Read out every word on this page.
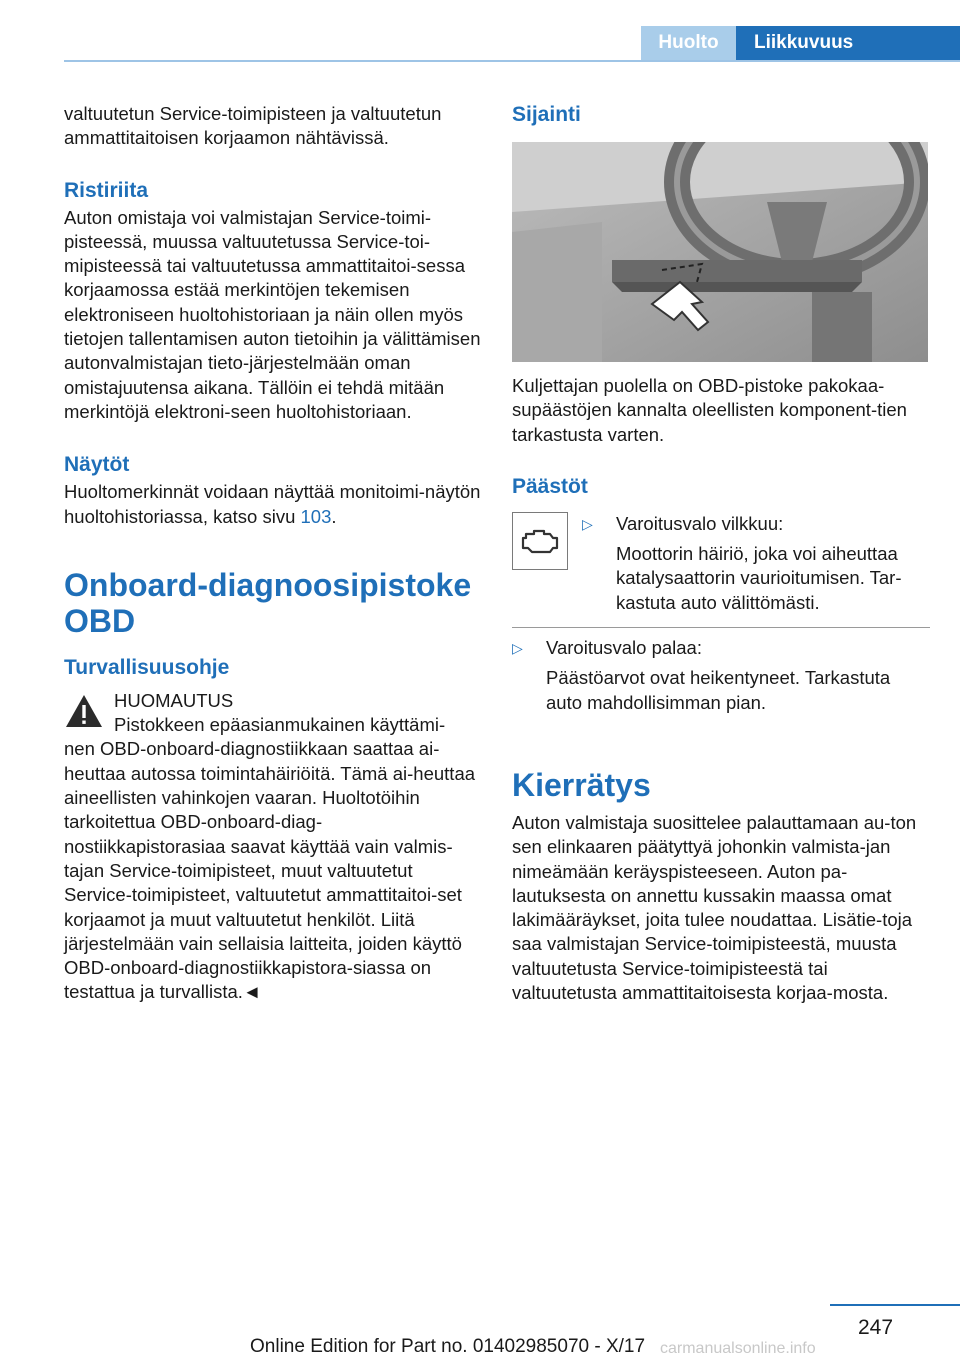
Huolto	Liikkuvuus

valtuutetun Service-toimipisteen ja valtuutetun ammattitaitoisen korjaamon nähtävissä.

Ristiriita

Auton omistaja voi valmistajan Service-toimi-pisteessä, muussa valtuutetussa Service-toi-mipisteessä tai valtuutetussa ammattitaitoi-sessa korjaamossa estää merkintöjen tekemisen elektroniseen huoltohistoriaan ja näin ollen myös tietojen tallentamisen auton tietoihin ja välittämisen autonvalmistajan tieto-järjestelmään oman omistajuutensa aikana. Tällöin ei tehdä mitään merkintöjä elektroni-seen huoltohistoriaan.

Näytöt

Huoltomerkinnät voidaan näyttää monitoimi-näytön huoltohistoriassa, katso sivu 103.

Onboard-diagnoosipistoke OBD
Turvallisuusohje

HUOMAUTUS

Pistokkeen epäasianmukainen käyttämi-

nen OBD-onboard-diagnostiikkaan saattaa ai-heuttaa autossa toimintahäiriöitä. Tämä ai-heuttaa aineellisten vahinkojen vaaran. Huoltotöihin tarkoitettua OBD-onboard-diag-nostiikkapistorasiaa saavat käyttää vain valmis-tajan Service-toimipisteet, muut valtuutetut Service-toimipisteet, valtuutetut ammattitaitoi-set korjaamot ja muut valtuutetut henkilöt. Liitä järjestelmään vain sellaisia laitteita, joiden käyttö OBD-onboard-diagnostiikkapistora-siassa on testattua ja turvallista.◄

Sijainti

Kuljettajan puolella on OBD-pistoke pakokaa-supäästöjen kannalta oleellisten komponent-tien tarkastusta varten.

Päästöt
▷	Varoitusvalo vilkkuu:

Moottorin häiriö, joka voi aiheuttaa katalysaattorin vaurioitumisen. Tar-kastuta auto välittömästi.

▷	Varoitusvalo palaa:

Päästöarvot ovat heikentyneet. Tarkastuta auto mahdollisimman pian.

Kierrätys

Auton valmistaja suosittelee palauttamaan au-ton sen elinkaaren päätyttyä johonkin valmista-jan nimeämään keräyspisteeseen. Auton pa-lautuksesta on annettu kussakin maassa omat lakimääräykset, joita tulee noudattaa. Lisätie-toja saa valmistajan Service-toimipisteestä, muusta valtuutetusta Service-toimipisteestä tai valtuutetusta ammattitaitoisesta korjaa-mosta.

247
Online Edition for Part no. 01402985070 - X/17 carmanualsonline.info
